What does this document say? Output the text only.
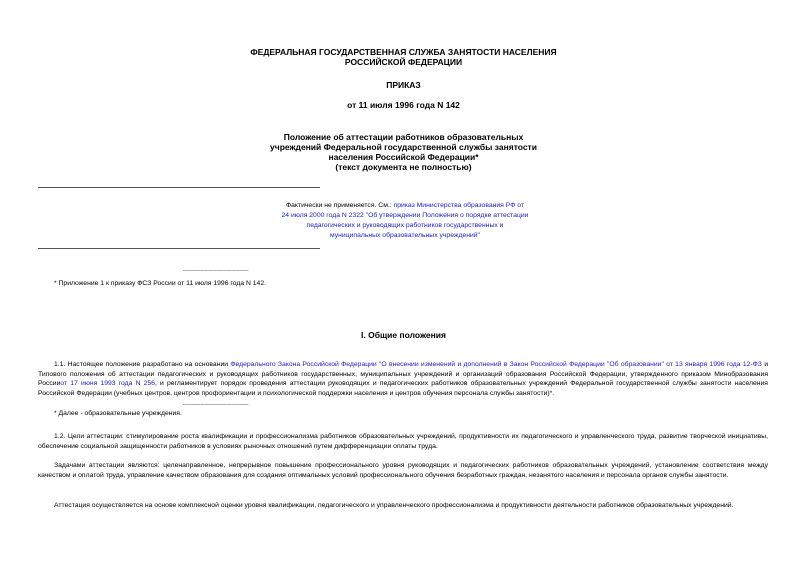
ФЕДЕРАЛЬНАЯ ГОСУДАРСТВЕННАЯ СЛУЖБА ЗАНЯТОСТИ НАСЕЛЕНИЯ
РОССИЙСКОЙ ФЕДЕРАЦИИ
ПРИКАЗ
от 11 июля 1996 года N 142
Положение об аттестации работников образовательных
учреждений Федеральной государственной службы занятости
населения Российской Федерации*
(текст документа не полностью)
Фактически не применяется. См.: приказ Министерства образования РФ от
24 июля 2000 года N 2322 "Об утверждении Положения о порядке аттестации
педагогических и руководящих работников государственных и
муниципальных образовательных учреждений"
_______________
* Приложение 1 к приказу ФСЗ России от 11 июля 1996 года N 142.
I. Общие положения
1.1. Настоящее положение разработано на основании Федерального Закона Российской Федерации "О внесении изменений и дополнений в Закон Российской Федерации "Об образовании" от 13 января 1996 года 12-ФЗ и Типового положения об аттестации педагогических и руководящих работников государственных, муниципальных учреждений и организаций образования Российской Федерации, утвержденного приказом Минобразования Россииот 17 июня 1993 года N 256, и регламентирует порядок проведения аттестации руководящих и педагогических работников образовательных учреждений Федеральной государственной службы занятости населения Российской Федерации (учебных центров, центров профориентации и психологической поддержки населения и центров обучения персонала службы занятости)*.
_______________
* Далее - образовательные учреждения.
1.2. Цели аттестации: стимулирование роста квалификации и профессионализма работников образовательных учреждений, продуктивности их педагогического и управленческого труда, развитие творческой инициативы, обеспечение социальной защищенности работников в условиях рыночных отношений путем дифференциации оплаты труда.
Задачами аттестации являются: целенаправленное, непрерывное повышение профессионального уровня руководящих и педагогических работников образовательных учреждений, установление соответствия между качеством и оплатой труда, управление качеством образования для создания оптимальных условий профессионального обучения безработных граждан, незанятого населения и персонала органов службы занятости.
Аттестация осуществляется на основе комплексной оценки уровня квалификации, педагогического и управленческого профессионализма и продуктивности деятельности работников образовательных учреждений.
